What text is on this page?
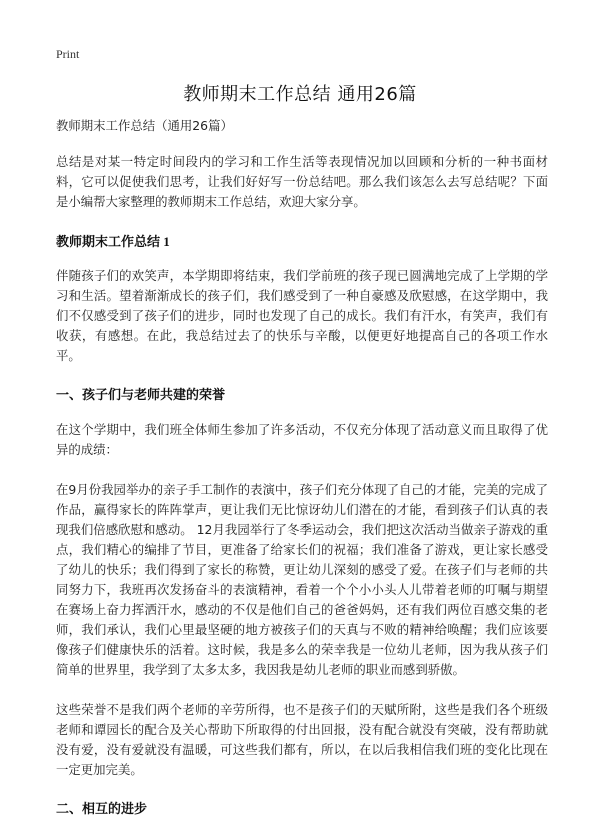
Print
教师期末工作总结 通用26篇

教师期末工作总结（通用26篇）

总结是对某一特定时间段内的学习和工作生活等表现情况加以回顾和分析的一种书面材料，它可以促使我们思考，让我们好好写一份总结吧。那么我们该怎么去写总结呢？下面是小编帮大家整理的教师期末工作总结，欢迎大家分享。

教师期末工作总结 1

伴随孩子们的欢笑声，本学期即将结束，我们学前班的孩子现已圆满地完成了上学期的学习和生活。望着渐渐成长的孩子们，我们感受到了一种自豪感及欣慰感，在这学期中，我们不仅感受到了孩子们的进步，同时也发现了自己的成长。我们有汗水，有笑声，我们有收获，有感想。在此，我总结过去了的快乐与辛酸，以便更好地提高自己的各项工作水平。

一、孩子们与老师共建的荣誉

在这个学期中，我们班全体师生参加了许多活动，不仅充分体现了活动意义而且取得了优异的成绩：

在9月份我园举办的亲子手工制作的表演中，孩子们充分体现了自己的才能，完美的完成了作品，赢得家长的阵阵掌声，更让我们无比惊讶幼儿们潜在的才能，看到孩子们认真的表现我们倍感欣慰和感动。 12月我园举行了冬季运动会，我们把这次活动当做亲子游戏的重点，我们精心的编排了节目，更准备了给家长们的祝福；我们准备了游戏，更让家长感受了幼儿的快乐；我们得到了家长的称赞，更让幼儿深刻的感受了爱。在孩子们与老师的共同努力下，我班再次发扬奋斗的表演精神，看着一个个小小头人儿带着老师的叮嘱与期望在赛场上奋力挥洒汗水，感动的不仅是他们自己的爸爸妈妈，还有我们两位百感交集的老师，我们承认，我们心里最坚硬的地方被孩子们的天真与不败的精神给唤醒；我们应该要像孩子们健康快乐的活着。这时候，我是多么的荣幸我是一位幼儿老师，因为我从孩子们简单的世界里，我学到了太多太多，我因我是幼儿老师的职业而感到骄傲。

这些荣誉不是我们两个老师的辛劳所得，也不是孩子们的天赋所附，这些是我们各个班级老师和谭园长的配合及关心帮助下所取得的付出回报，没有配合就没有突破，没有帮助就没有爱，没有爱就没有温暖，可这些我们都有，所以，在以后我相信我们班的变化比现在一定更加完美。

二、相互的进步
